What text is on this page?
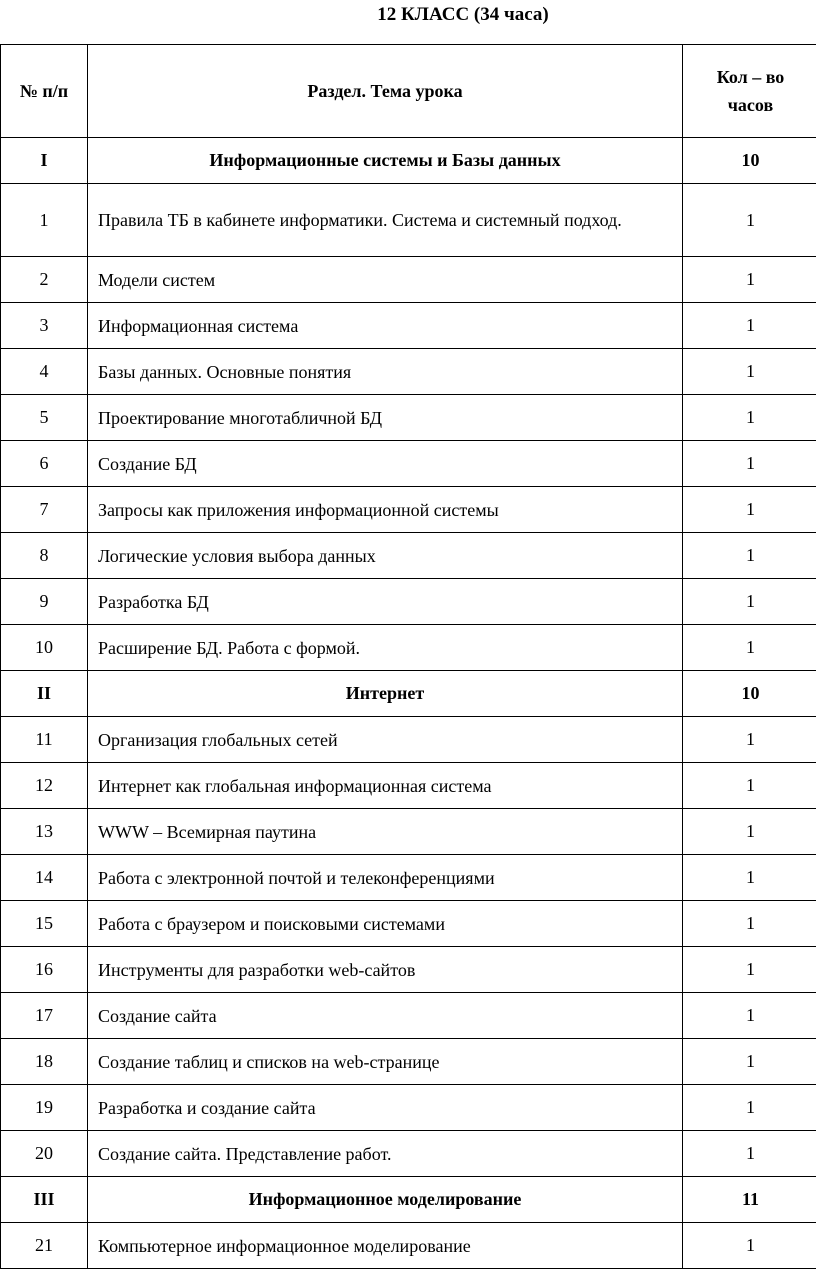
12 КЛАСС (34 часа)
№ п/п	Раздел. Тема урока	Кол – во
часов

I	Информационные системы и Базы данных	10
1	Правила ТБ в кабинете информатики. Система и системный подход.	1
2	Модели систем	1
3	Информационная система	1
4	Базы данных. Основные понятия	1
5	Проектирование многотабличной БД	1
6	Создание БД	1
7	Запросы как приложения информационной системы	1
8	Логические условия выбора данных	1
9	Разработка БД	1
10	Расширение БД. Работа с формой.	1
II	Интернет	10
11	Организация глобальных сетей	1
12	Интернет как глобальная информационная система	1
13	WWW – Всемирная паутина	1
14	Работа с электронной почтой и телеконференциями	1
15	Работа с браузером и поисковыми системами	1
16	Инструменты для разработки web-сайтов	1
17	Создание сайта	1
18	Создание таблиц и списков на web-странице	1
19	Разработка и создание сайта	1
20	Создание сайта. Представление работ.	1
III	Информационное моделирование	11
21	Компьютерное информационное моделирование	1
